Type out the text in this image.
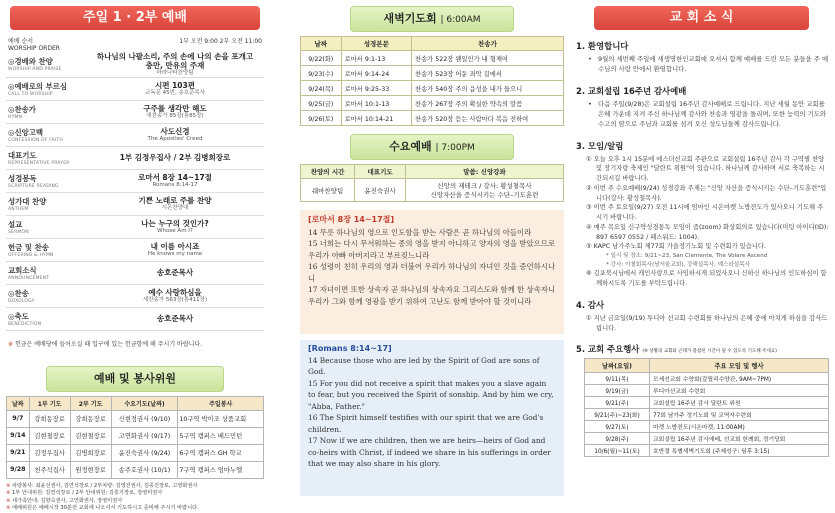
주일 1 · 2부 예배
예배 순서
WORSHIP ORDER
1부 오전 9:00 2부 오전 11:00
◎경배와 찬양
WORSHIP AND PRAISE
하나님의 나팔소리, 주의 손에 나의 손을 포개고
충만, 만유의 주재
마라나타찬양팀
◎예배로의 부르심
CALL TO WORSHIP
시편 103편
교독문 45번, 송호준목사
◎찬송가
HYMN
구주를 생각만 해도
새찬송가 85장(통85장)
◎신앙고백
CONFESSION OF FAITH
사도신경
The Apostles' Creed
대표기도
REPRESENTATIVE PRAYER
1부 김정우집사 / 2부 김병희장로
성경봉독
SCRIPTURE READING
로마서 8장 14~17절
Romans 8:14-17
성가대 찬양
ANTHEM
기쁜 노래로 주를 찬양
시온찬양대
설교
SERMON
나는 누구의 것인가?
Whose Am I?
헌금 및 찬송
OFFERING & HYMN
내 이름 아시죠
He knows my name
교회소식
ANNOUNCEMENT
송호준목사
◎찬송
DOXOLOGY
예수 사랑하심을
새찬송가 563장(통411장)
◎축도
BENEDICTION
송호준목사
※ 헌금은 예배당에 들어오실 때 입구에 있는 헌금함에 해 주시기 바랍니다.
예배 및 봉사위원
날짜	1부 기도	2부 기도	수요기도(날짜)	주일봉사
9/7	강희동장로	강희동장로	신현정권사 (9/10)	10구역 박이조 상품교회
9/14	김현철장로	김현철장로	고연화권사 (9/17)	5구역 캠퍼스 배드민턴
9/21	김정우집사	김병희장로	윤진숙권사 (9/24)	6구역 캠퍼스 GH 학교
9/28	천주석집사	원정현장로	송주호권사 (10/1)	7구역 캠퍼스 엄마누엘
※ 차량봉사: 최윤선권사, 김연석장로 / 2부차량: 김영진권사, 김종진장로, 고영화권사
※ 1부 안내위원: 김연석장로 / 2부 안내위원: 김흥기장로, 장영미권사
※ 새가족안내: 김향숙권사, 고연화권사, 장영미권사
※ 예배위원은 예배시작 30분전 교회에 나오셔서 기도하시고 준비해 주시기 바랍니다.
새벽기도회 | 6:00AM
날짜	성경본문	찬송가
9/22(화)	로마서 9:1-13	찬송가 522장 웬일인가 내 형제여
9/23(수)	로마서 9:14-24	찬송가 523장 어둔 죄악 길에서
9/24(목)	로마서 9:25-33	찬송가 540장 주의 음성을 내가 들으니
9/25(금)	로마서 10:1-13	찬송가 267장 주의 확실한 약속의 말씀
9/26(토)	로마서 10:14-21	찬송가 520장 듣는 사람마다 복음 전하여
수요예배 | 7:00PM
찬양의 시간	대표기도	말씀: 신앙강좌
쉐마찬양팀	윤진숙권사	신앙의 재테크 / 강사: 황성철목사
신앙자산을 증식시키는 수단–기도훈련
[로마서 8장 14~17절]
14 무릇 하나님의 영으로 인도함을 받는 사람은 곧 하나님의 아들이라
15 너희는 다시 무서워하는 종의 영을 받지 아니하고 양자의 영을 받았으므로 우리가 아빠 아버지라고 부르짖느니라
16 성령이 친히 우리의 영과 더불어 우리가 하나님의 자녀인 것을 증언하시나니
17 자녀이면 또한 상속자 곧 하나님의 상속자요 그리스도와 함께 한 상속자니 우리가 그와 함께 영광을 받기 위하여 고난도 함께 받아야 할 것이니라
[Romans 8:14~17]
14 Because those who are led by the Spirit of God are sons of God.
15 For you did not receive a spirit that makes you a slave again to fear, but you received the Spirit of sonship. And by him we cry, "Abba, Father."
16 The Spirit himself testifies with our spirit that we are God's children.
17 Now if we are children, then we are heirs—heirs of God and co-heirs with Christ, if indeed we share in his sufferings in order that we may also share in his glory.
교 회 소 식
1. 환영합니다
• 9월의 세번째 주일에 새생명한인교회에 오셔서 함께 예배를 드린 모든 분들을 주 예수님의 사랑 안에서 환영합니다.
2. 교회설립 16주년 감사예배
• 다음 주일(9/28)은 교회설립 16주년 감사예배로 드립니다. 지난 세월 동안 교회를 은혜 가운데 지켜 주신 하나님께 감사와 찬송과 영광을 돌리며, 또한 능력의 기도와 수고의 땀으로 주님과 교회를 섬겨 오신 성도님들께 감사드립니다.
3. 모임/알림
① 오늘 오후 1시 15분에 에스더선교회 주관으로 교회설립 16주년 감사 각 구역별 찬양 및 장기자랑 축제인 "달란트 위원"이 있습니다. 하나님께 감사하며 서로 축복하는 시간되시길 바랍니다.
② 이번 주 수요예배(9/24) 성경강좌 주제는 "신앙 자산을 증식시키는 수단–기도훈련"입니다(강사: 황성철목사).
③ 이번 주 토요일(9/27) 오전 11시에 엄마인 시온마켓 노방전도가 있사오니 기도해 주시기 바랍니다.
④ 매주 목요일 신구약성경통독 모임이 줌(zoom) 화상회의로 있습니다(미팅 아이디(ID): 897 6597 0552 / 패스워드: 1004).
⑤ KAPC 남가주노회 제77회 가을정기노회 및 수련회가 있습니다.
* 일시 및 장소: 9/21~23, San Clemente, The Volare Ascend
* 강사: 이철회목사(남서울교회), 강해설목사, 예스라설목사
⑥ 김포북시님에서 캐인사랑으로 사임하시게 되었사오니 신하신 하나님의 인도하심이 함께하시도록 기도를 부탁드립니다.
4. 감사
① 지난 금요일(9/19) 투디아 선교회 수련회를 하나님의 은혜 중에 마치게 하심을 감사드립니다.
5. 교회 주요행사 (※ 상황의 교회와 근래가 불참된 시간이 될 수 있도록 기도해 주세요)
날짜(요일)	주요 모임 및 행사
9/11(목)	모세선교회 수양회(갈릴리수양관, 9AM~7PM)
9/19(금)	루디아선교회 수련회
9/21(주)	교회설립 16주년 감사 달란트 위원
9/21(주)~23(화)	77회 남가주 정기노회 및 교역자수련회
9/27(토)	마켓 노방전도(시온마켓, 11:00AM)
9/28(주)	교회설립 16주년 감사예배, 선교회 헌례회, 정기당회
10/6(월)~11(토)	호반절 특별새벽기도회 (주제성구: 딤후 3:15)
